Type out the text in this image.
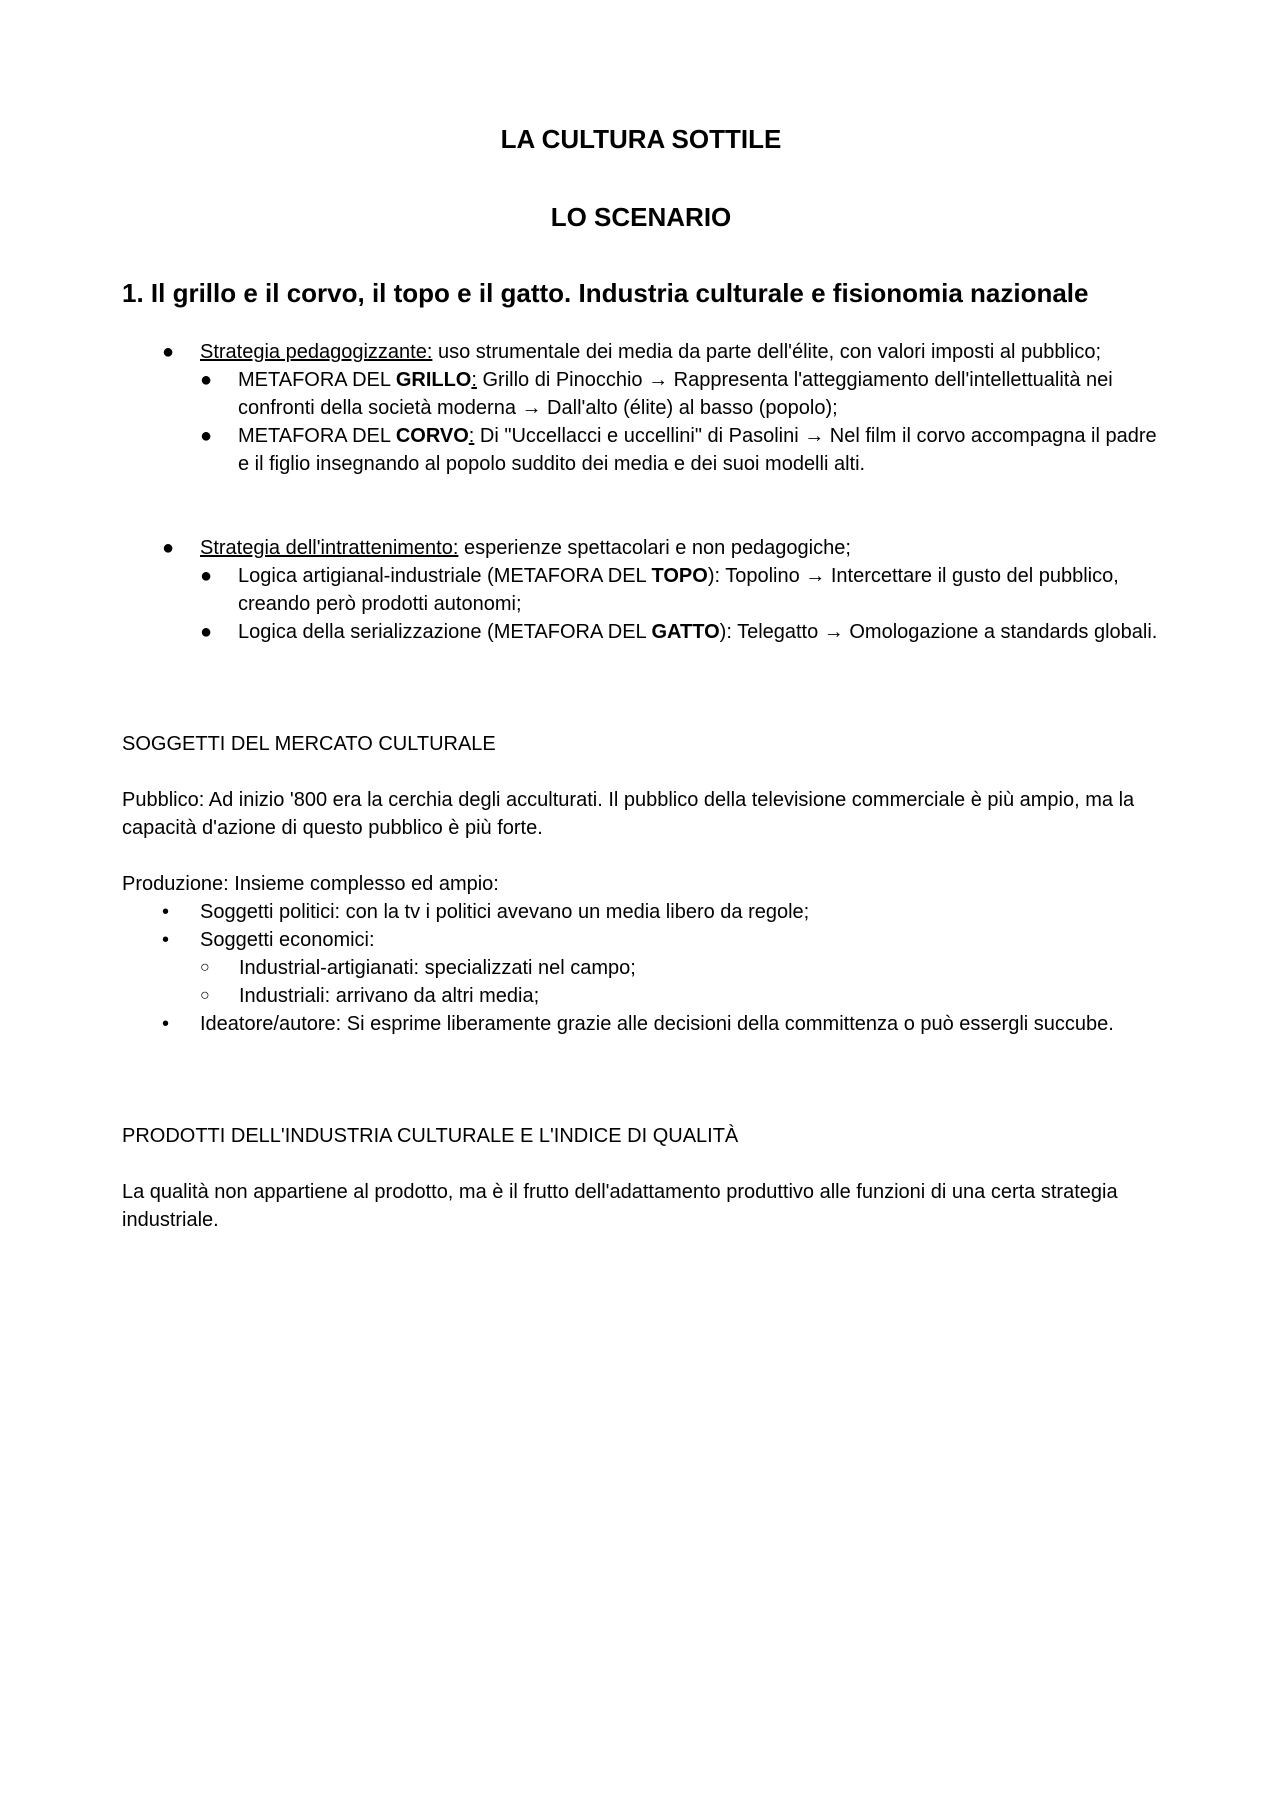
LA CULTURA SOTTILE
LO SCENARIO
1. Il grillo e il corvo, il topo e il gatto. Industria culturale e fisionomia nazionale
● Strategia pedagogizzante: uso strumentale dei media da parte dell'élite, con valori imposti al pubblico;
● METAFORA DEL GRILLO: Grillo di Pinocchio → Rappresenta l'atteggiamento dell'intellettualità nei confronti della società moderna → Dall'alto (élite) al basso (popolo);
● METAFORA DEL CORVO: Di "Uccellacci e uccellini" di Pasolini → Nel film il corvo accompagna il padre e il figlio insegnando al popolo suddito dei media e dei suoi modelli alti.
● Strategia dell'intrattenimento: esperienze spettacolari e non pedagogiche;
● Logica artigianal-industriale (METAFORA DEL TOPO): Topolino → Intercettare il gusto del pubblico, creando però prodotti autonomi;
● Logica della serializzazione (METAFORA DEL GATTO): Telegatto → Omologazione a standards globali.

SOGGETTI DEL MERCATO CULTURALE

Pubblico: Ad inizio '800 era la cerchia degli acculturati. Il pubblico della televisione commerciale è più ampio, ma la capacità d'azione di questo pubblico è più forte.

Produzione: Insieme complesso ed ampio:

• Soggetti politici: con la tv i politici avevano un media libero da regole;
• Soggetti economici:
○ Industrial-artigianati: specializzati nel campo;
○ Industriali: arrivano da altri media;
• Ideatore/autore: Si esprime liberamente grazie alle decisioni della committenza o può essergli succube.

PRODOTTI DELL'INDUSTRIA CULTURALE E L'INDICE DI QUALITÀ

La qualità non appartiene al prodotto, ma è il frutto dell'adattamento produttivo alle funzioni di una certa strategia industriale.
